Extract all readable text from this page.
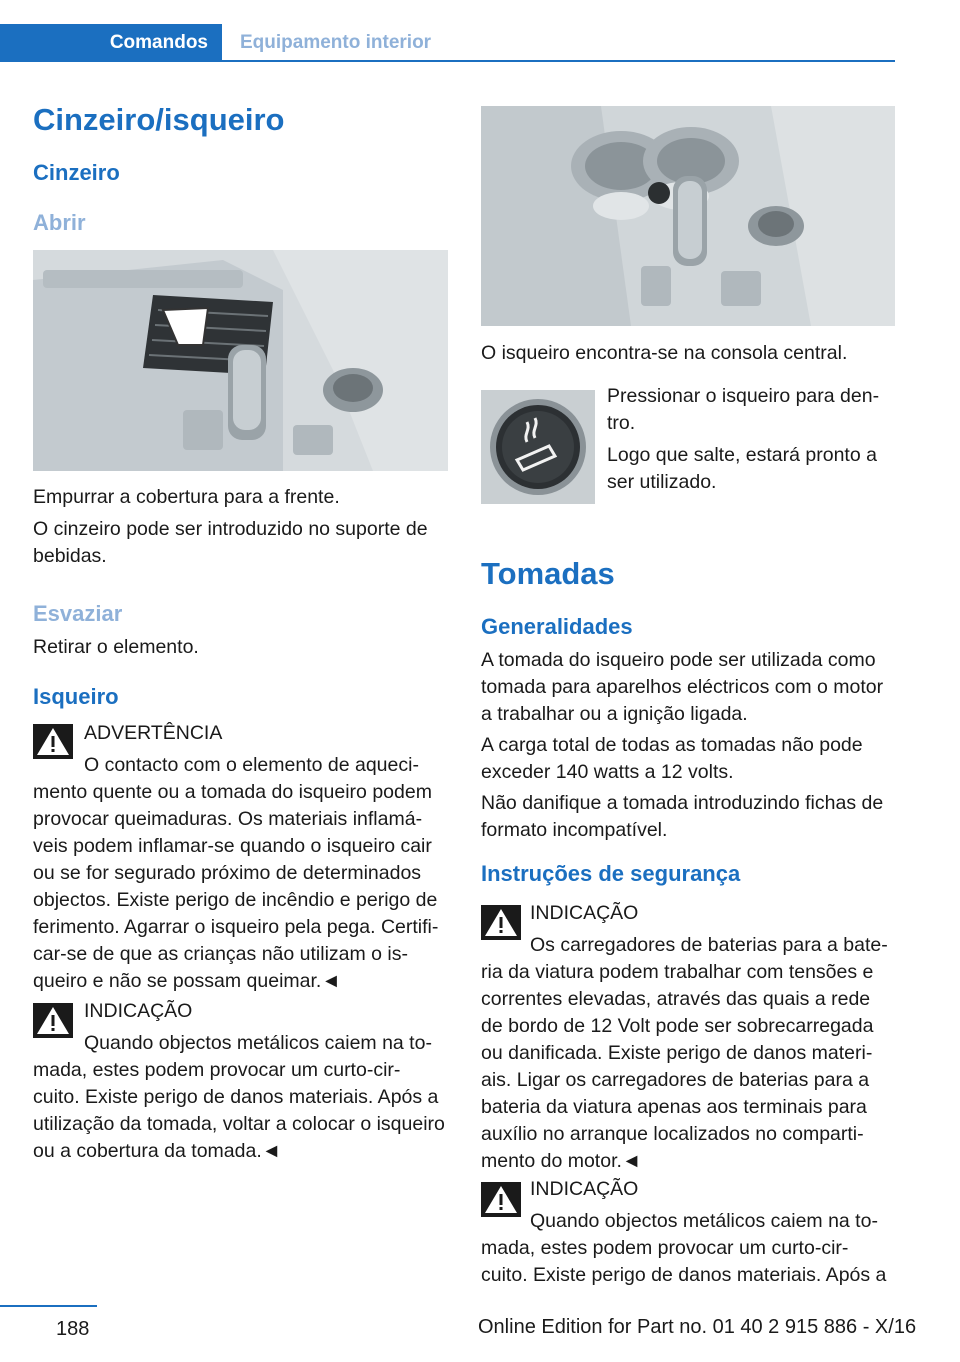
Comandos	Equipamento interior
Cinzeiro/isqueiro
Cinzeiro
Abrir
Empurrar a cobertura para a frente.
O cinzeiro pode ser introduzido no suporte de
bebidas.
Esvaziar
Retirar o elemento.
Isqueiro
ADVERTÊNCIA
O contacto com o elemento de aqueci-
mento quente ou a tomada do isqueiro podem
provocar queimaduras. Os materiais inflamá-
veis podem inflamar-se quando o isqueiro cair
ou se for segurado próximo de determinados
objectos. Existe perigo de incêndio e perigo de
ferimento. Agarrar o isqueiro pela pega. Certifi-
car-se de que as crianças não utilizam o is-
queiro e não se possam queimar.◄
INDICAÇÃO
Quando objectos metálicos caiem na to-
mada, estes podem provocar um curto-cir-
cuito. Existe perigo de danos materiais. Após a
utilização da tomada, voltar a colocar o isqueiro
ou a cobertura da tomada.◄
O isqueiro encontra-se na consola central.
Pressionar o isqueiro para den-
tro.
Logo que salte, estará pronto a
ser utilizado.
Tomadas
Generalidades
A tomada do isqueiro pode ser utilizada como
tomada para aparelhos eléctricos com o motor
a trabalhar ou a ignição ligada.
A carga total de todas as tomadas não pode
exceder 140 watts a 12 volts.
Não danifique a tomada introduzindo fichas de
formato incompatível.
Instruções de segurança
INDICAÇÃO
Os carregadores de baterias para a bate-
ria da viatura podem trabalhar com tensões e
correntes elevadas, através das quais a rede
de bordo de 12 Volt pode ser sobrecarregada
ou danificada. Existe perigo de danos materi-
ais. Ligar os carregadores de baterias para a
bateria da viatura apenas aos terminais para
auxílio no arranque localizados no comparti-
mento do motor.◄
INDICAÇÃO
Quando objectos metálicos caiem na to-
mada, estes podem provocar um curto-cir-
cuito. Existe perigo de danos materiais. Após a
188	Online Edition for Part no. 01 40 2 915 886 - X/16
